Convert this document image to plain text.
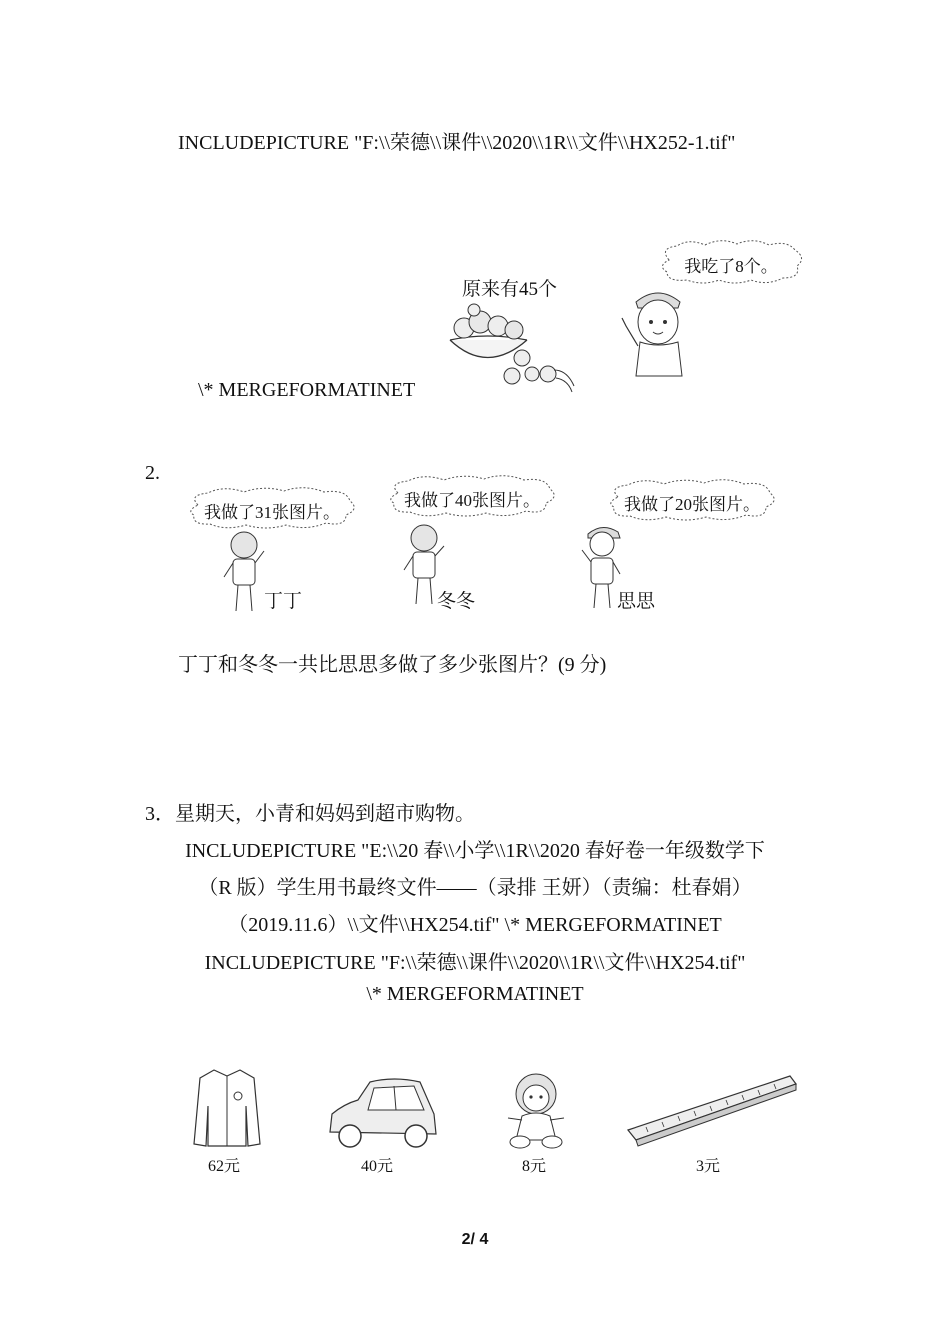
INCLUDEPICTURE "F:\\荣德\\课件\\2020\\1R\\文件\\HX252-1.tif"
原来有45个
我吃了8个。
\* MERGEFORMATINET
2.
我做了31张图片。
我做了40张图片。	我做了20张图片。
丁丁	冬冬	思思
丁丁和冬冬一共比思思多做了多少张图片？(9 分)
3．星期天，小青和妈妈到超市购物。
INCLUDEPICTURE "E:\\20 春\\小学\\1R\\2020 春好卷一年级数学下
（R 版）学生用书最终文件——（录排 王妍）（责编：杜春娟）
（2019.11.6）\\文件\\HX254.tif" \* MERGEFORMATINET
INCLUDEPICTURE "F:\\荣德\\课件\\2020\\1R\\文件\\HX254.tif"
\* MERGEFORMATINET
62元	40元	8元	3元
2/ 4
